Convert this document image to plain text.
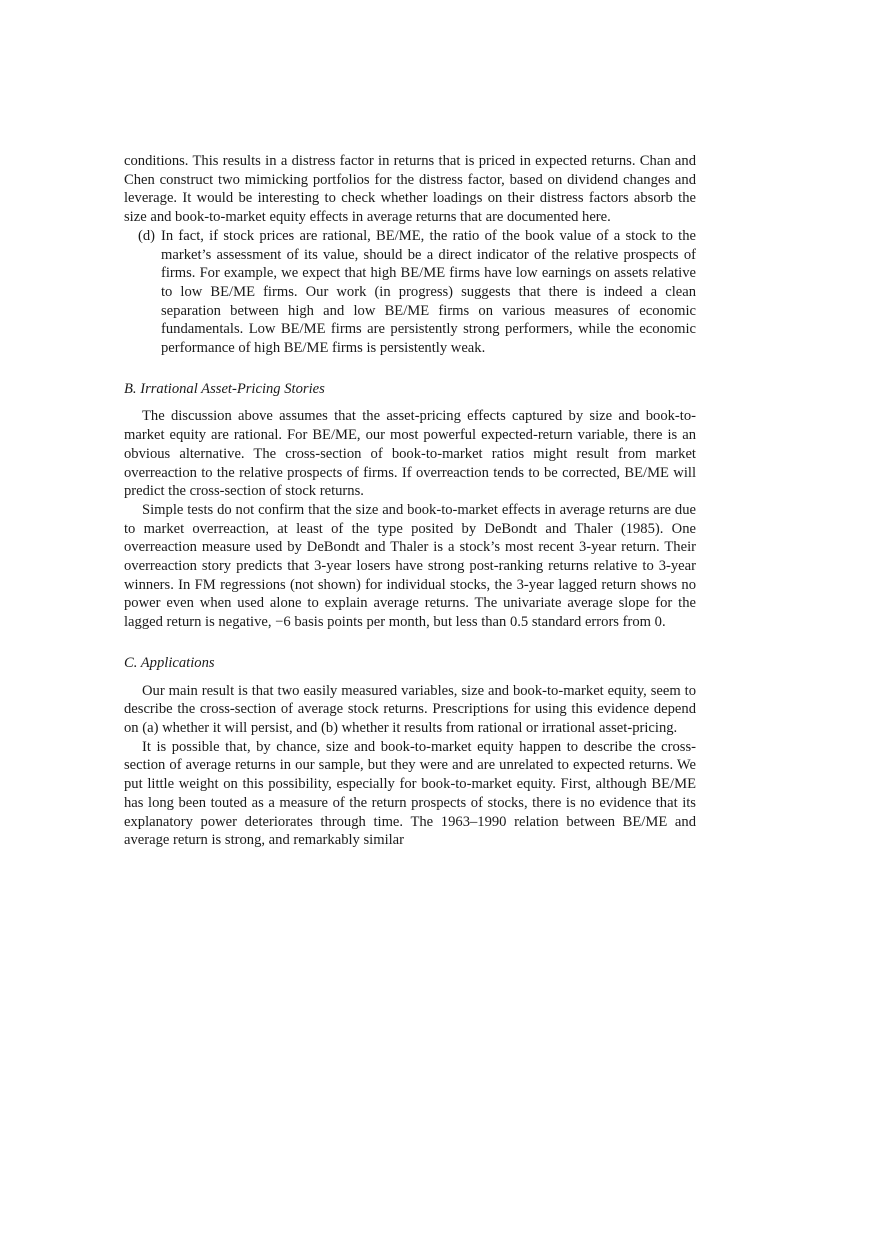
conditions. This results in a distress factor in returns that is priced in expected returns. Chan and Chen construct two mimicking portfolios for the distress factor, based on dividend changes and leverage. It would be interesting to check whether loadings on their distress factors absorb the size and book-to-market equity effects in average returns that are documented here.

(d) In fact, if stock prices are rational, BE/ME, the ratio of the book value of a stock to the market’s assessment of its value, should be a direct indicator of the relative prospects of firms. For example, we expect that high BE/ME firms have low earnings on assets relative to low BE/ME firms. Our work (in progress) suggests that there is indeed a clean separation between high and low BE/ME firms on various measures of economic fundamentals. Low BE/ME firms are persistently strong performers, while the economic performance of high BE/ME firms is persistently weak.

B. Irrational Asset-Pricing Stories

The discussion above assumes that the asset-pricing effects captured by size and book-to-market equity are rational. For BE/ME, our most powerful expected-return variable, there is an obvious alternative. The cross-section of book-to-market ratios might result from market overreaction to the relative prospects of firms. If overreaction tends to be corrected, BE/ME will predict the cross-section of stock returns.

Simple tests do not confirm that the size and book-to-market effects in average returns are due to market overreaction, at least of the type posited by DeBondt and Thaler (1985). One overreaction measure used by DeBondt and Thaler is a stock’s most recent 3-year return. Their overreaction story predicts that 3-year losers have strong post-ranking returns relative to 3-year winners. In FM regressions (not shown) for individual stocks, the 3-year lagged return shows no power even when used alone to explain average returns. The univariate average slope for the lagged return is negative, −6 basis points per month, but less than 0.5 standard errors from 0.

C. Applications

Our main result is that two easily measured variables, size and book-to-market equity, seem to describe the cross-section of average stock returns. Prescriptions for using this evidence depend on (a) whether it will persist, and (b) whether it results from rational or irrational asset-pricing.

It is possible that, by chance, size and book-to-market equity happen to describe the cross-section of average returns in our sample, but they were and are unrelated to expected returns. We put little weight on this possibility, especially for book-to-market equity. First, although BE/ME has long been touted as a measure of the return prospects of stocks, there is no evidence that its explanatory power deteriorates through time. The 1963–1990 relation between BE/ME and average return is strong, and remarkably similar
